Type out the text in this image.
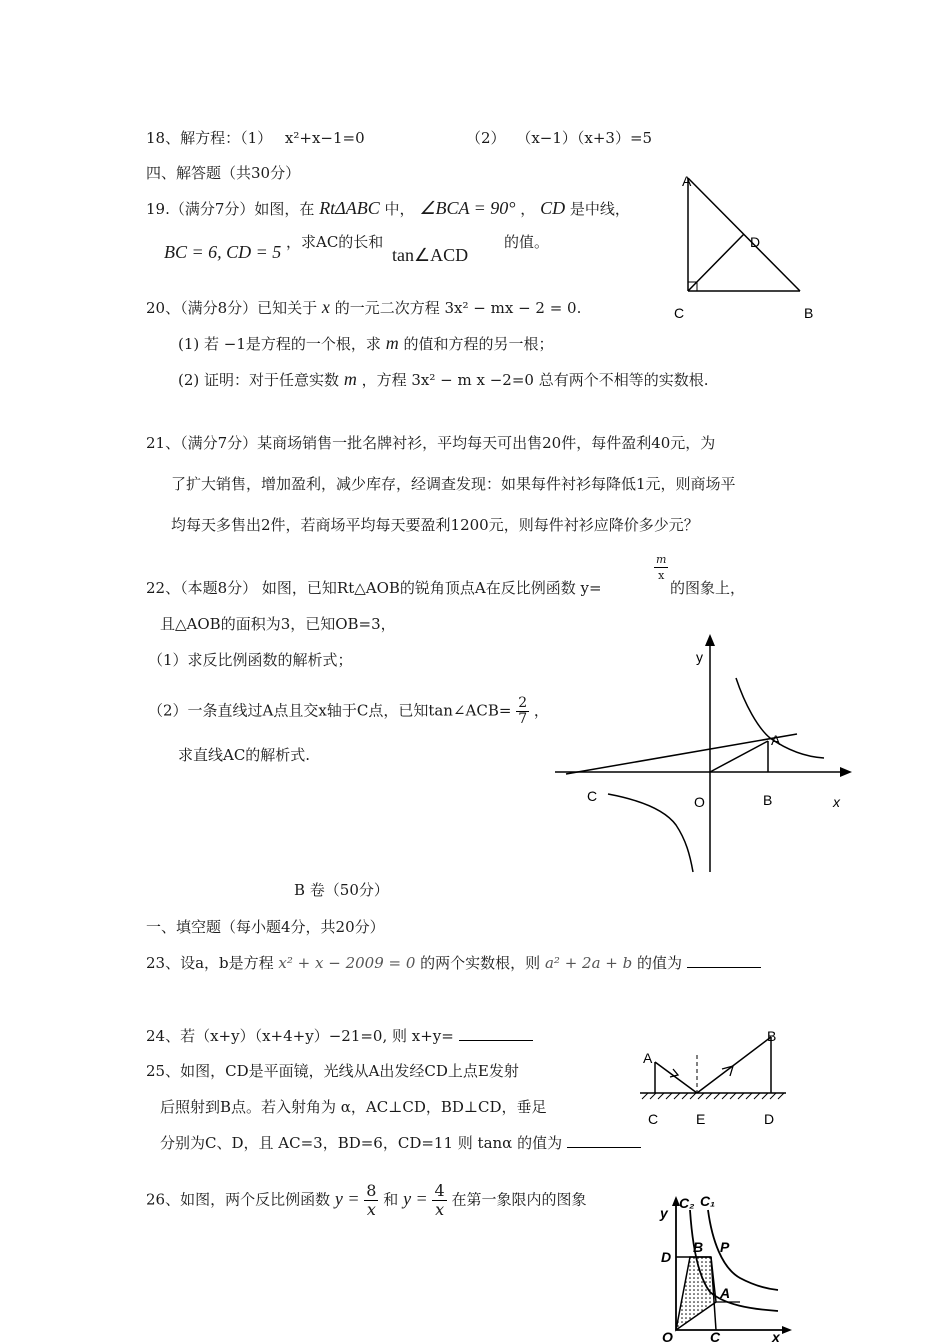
18、解方程：（1） x²+x−1=0	（2） （x−1）（x+3）=5
四、解答题（共30分）
19.（满分7分）如图，在 RtΔABC 中， ∠BCA = 90° ， CD 是中线，
BC = 6, CD = 5 ，求AC的长和
tan∠ACD
的值。
A
D
C	B
20、（满分8分）已知关于 x 的一元二次方程 3x² − mx − 2 = 0.
(1) 若 −1是方程的一个根，求 m 的值和方程的另一根；
(2) 证明：对于任意实数 m ，方程 3x² − m x −2=0 总有两个不相等的实数根.
21、（满分7分）某商场销售一批名牌衬衫，平均每天可出售20件，每件盈利40元，为
了扩大销售，增加盈利，减少库存，经调查发现：如果每件衬衫每降低1元，则商场平
均每天多售出2件，若商场平均每天要盈利1200元，则每件衬衫应降价多少元？
22、（本题8分） 如图，已知Rt△AOB的锐角顶点A在反比例函数 y=
$\frac{m}{x}$
的图象上，
且△AOB的面积为3，已知OB=3，
（1）求反比例函数的解析式；
（2）一条直线过A点且交x轴于C点，已知tan∠ACB= $\frac{2}{7}$ ，
求直线AC的解析式.
y
A
C	O	B	x
B 卷（50分）
一、填空题（每小题4分，共20分）
23、设a，b是方程 x² + x − 2009 = 0 的两个实数根，则 a² + 2a + b 的值为
24、若（x+y）（x+4+y）−21=0, 则 x+y=
25、如图，CD是平面镜，光线从A出发经CD上点E发射
后照射到B点。若入射角为 α，AC⊥CD，BD⊥CD，垂足
分别为C、D，且 AC=3，BD=6，CD=11 则 tanα 的值为
A
B
C	E	D
26、如图，两个反比例函数 $y = \frac{8}{x}$ 和 $y = \frac{4}{x}$ 在第一象限内的图象	C₂ C₁
y
D
B P
A
O	C	x
